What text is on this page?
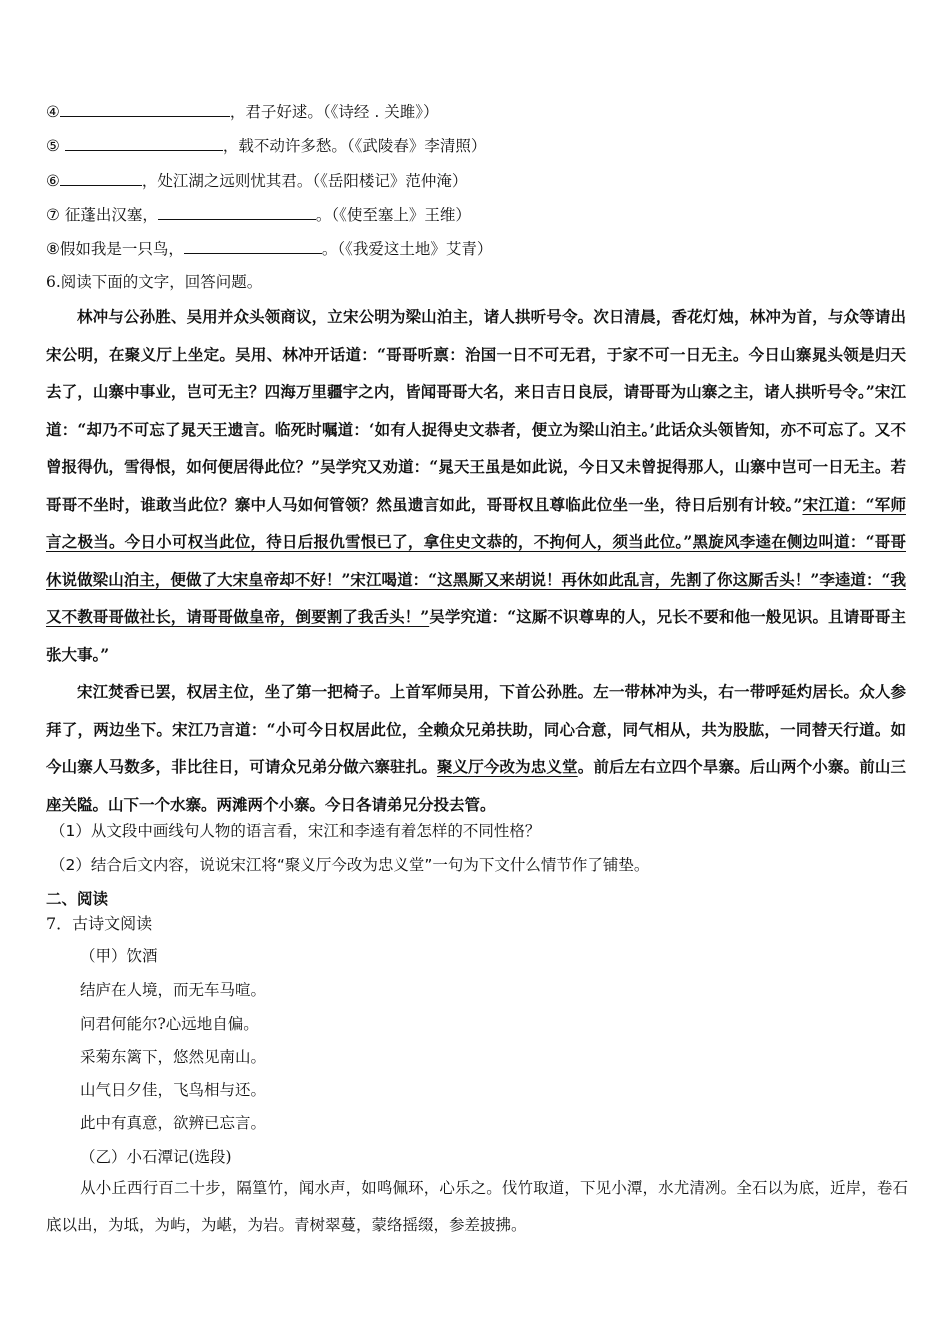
④	，君子好逑。（《诗经 . 关雎》）
⑤	，载不动许多愁。（《武陵春》李清照）
⑥	，处江湖之远则忧其君。（《岳阳楼记》范仲淹）
⑦ 征蓬出汉塞，	。（《使至塞上》王维）
⑧假如我是一只鸟，	。（《我爱这土地》艾青）
6.阅读下面的文字，回答问题。

林冲与公孙胜、吴用并众头领商议，立宋公明为梁山泊主，诸人拱听号令。次日清晨，香花灯烛，林冲为首，与众等请出宋公明，在聚义厅上坐定。吴用、林冲开话道：“哥哥听禀：治国一日不可无君，于家不可一日无主。今日山寨晁头领是归天去了，山寨中事业，岂可无主？四海万里疆宇之内，皆闻哥哥大名，来日吉日良辰，请哥哥为山寨之主，诸人拱听号令。”宋江道：“却乃不可忘了晁天王遗言。临死时嘱道：‘如有人捉得史文恭者，便立为梁山泊主。’此话众头领皆知，亦不可忘了。又不曾报得仇，雪得恨，如何便居得此位？”吴学究又劝道：“晁天王虽是如此说，今日又未曾捉得那人，山寨中岂可一日无主。若哥哥不坐时，谁敢当此位？寨中人马如何管领？然虽遗言如此，哥哥权且尊临此位坐一坐，待日后别有计较。”宋江道：“军师言之极当。今日小可权当此位，待日后报仇雪恨已了，拿住史文恭的，不拘何人，须当此位。”黑旋风李逵在侧边叫道：“哥哥休说做梁山泊主，便做了大宋皇帝却不好！”宋江喝道：“这黑厮又来胡说！再休如此乱言，先割了你这厮舌头！”李逵道：“我又不教哥哥做社长，请哥哥做皇帝，倒要割了我舌头！”吴学究道：“这厮不识尊卑的人，兄长不要和他一般见识。且请哥哥主张大事。”

宋江焚香已罢，权居主位，坐了第一把椅子。上首军师吴用，下首公孙胜。左一带林冲为头，右一带呼延灼居长。众人参拜了，两边坐下。宋江乃言道：“小可今日权居此位，全赖众兄弟扶助，同心合意，同气相从，共为股肱，一同替天行道。如今山寨人马数多，非比往日，可请众兄弟分做六寨驻扎。聚义厅今改为忠义堂。前后左右立四个旱寨。后山两个小寨。前山三座关隘。山下一个水寨。两滩两个小寨。今日各请弟兄分投去管。

（1）从文段中画线句人物的语言看，宋江和李逵有着怎样的不同性格？
（2）结合后文内容，说说宋江将“聚义厅今改为忠义堂”一句为下文什么情节作了铺垫。
二、阅读
7．古诗文阅读
（甲）饮酒
结庐在人境，而无车马喧。
问君何能尔?心远地自偏。
采菊东篱下，悠然见南山。
山气日夕佳，飞鸟相与还。
此中有真意，欲辨已忘言。
（乙）小石潭记(选段)

从小丘西行百二十步，隔篁竹，闻水声，如鸣佩环，心乐之。伐竹取道，下见小潭，水尤清冽。全石以为底，近岸，卷石底以出，为坻，为屿，为嵁，为岩。青树翠蔓，蒙络摇缀，参差披拂。
